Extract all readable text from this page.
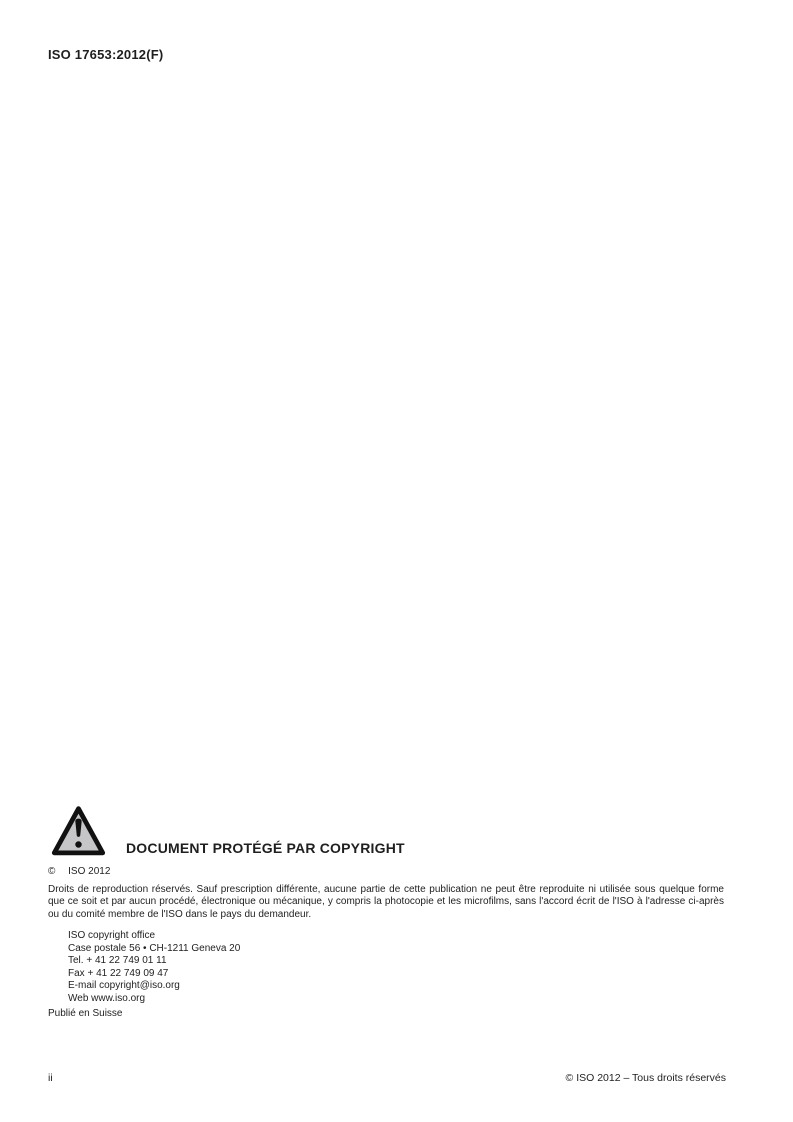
ISO 17653:2012(F)
DOCUMENT PROTÉGÉ PAR COPYRIGHT
© ISO 2012

Droits de reproduction réservés. Sauf prescription différente, aucune partie de cette publication ne peut être reproduite ni utilisée sous quelque forme que ce soit et par aucun procédé, électronique ou mécanique, y compris la photocopie et les microfilms, sans l'accord écrit de l'ISO à l'adresse ci-après ou du comité membre de l'ISO dans le pays du demandeur.

ISO copyright office
Case postale 56 • CH-1211 Geneva 20
Tel. + 41 22 749 01 11
Fax + 41 22 749 09 47
E-mail copyright@iso.org
Web www.iso.org
Publié en Suisse
ii	© ISO 2012 – Tous droits réservés
